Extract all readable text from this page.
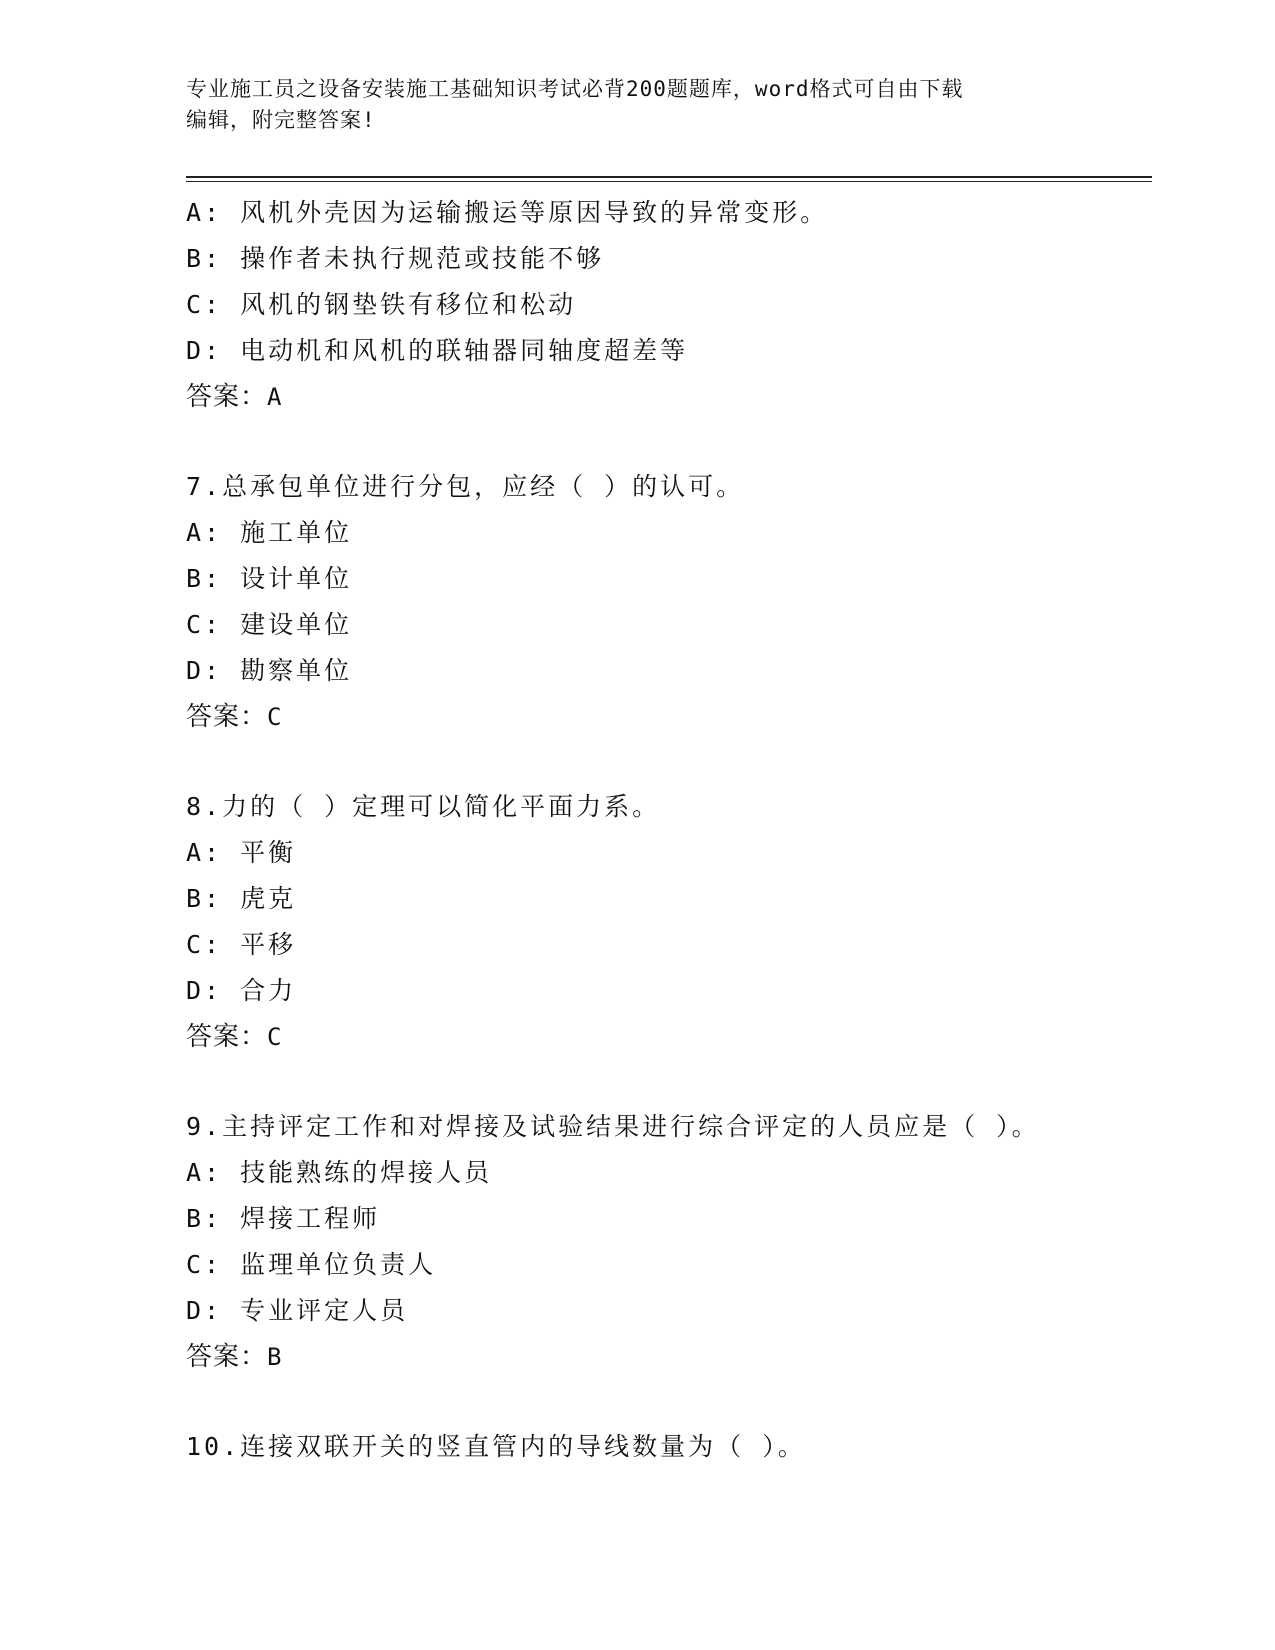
专业施工员之设备安装施工基础知识考试必背200题题库，word格式可自由下载
编辑，附完整答案!
A: 风机外壳因为运输搬运等原因导致的异常变形。
B: 操作者未执行规范或技能不够
C: 风机的钢垫铁有移位和松动
D: 电动机和风机的联轴器同轴度超差等
答案：A
7.总承包单位进行分包，应经（ ）的认可。
A: 施工单位
B: 设计单位
C: 建设单位
D: 勘察单位
答案：C
8.力的（ ）定理可以简化平面力系。
A: 平衡
B: 虎克
C: 平移
D: 合力
答案：C
9.主持评定工作和对焊接及试验结果进行综合评定的人员应是（ ）。
A: 技能熟练的焊接人员
B: 焊接工程师
C: 监理单位负责人
D: 专业评定人员
答案：B
10.连接双联开关的竖直管内的导线数量为（ ）。
